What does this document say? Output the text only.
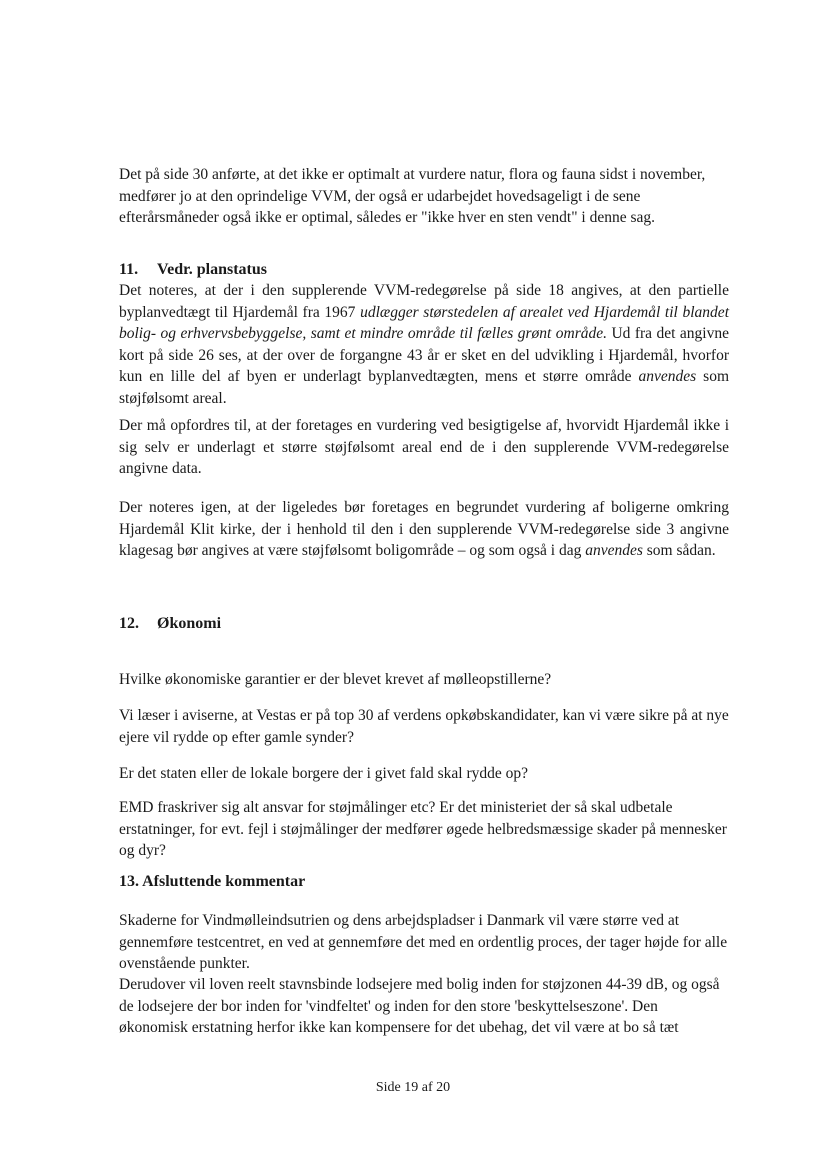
Det på side 30 anførte, at det ikke er optimalt at vurdere natur, flora og fauna sidst i november, medfører jo at den oprindelige VVM, der også er udarbejdet hovedsageligt i de sene efterårsmåneder også ikke er optimal, således er "ikke hver en sten vendt" i denne sag.

11. Vedr. planstatus

Det noteres, at der i den supplerende VVM-redegørelse på side 18 angives, at den partielle byplanvedtægt til Hjardemål fra 1967 udlægger størstedelen af arealet ved Hjardemål til blandet bolig- og erhvervsbebyggelse, samt et mindre område til fælles grønt område. Ud fra det angivne kort på side 26 ses, at der over de forgangne 43 år er sket en del udvikling i Hjardemål, hvorfor kun en lille del af byen er underlagt byplanvedtægten, mens et større område anvendes som støjfølsomt areal.

Der må opfordres til, at der foretages en vurdering ved besigtigelse af, hvorvidt Hjardemål ikke i sig selv er underlagt et større støjfølsomt areal end de i den supplerende VVM-redegørelse angivne data.

Der noteres igen, at der ligeledes bør foretages en begrundet vurdering af boligerne omkring Hjardemål Klit kirke, der i henhold til den i den supplerende VVM-redegørelse side 3 angivne klagesag bør angives at være støjfølsomt boligområde – og som også i dag anvendes som sådan.

12. Økonomi

Hvilke økonomiske garantier er der blevet krevet af mølleopstillerne?

Vi læser i aviserne, at Vestas er på top 30 af verdens opkøbskandidater, kan vi være sikre på at nye ejere vil rydde op efter gamle synder?

Er det staten eller de lokale borgere der i givet fald skal rydde op?

EMD fraskriver sig alt ansvar for støjmålinger etc? Er det ministeriet der så skal udbetale erstatninger, for evt. fejl i støjmålinger der medfører øgede helbredsmæssige skader på mennesker og dyr?

13. Afsluttende kommentar

Skaderne for Vindmølleindsutrien og dens arbejdspladser i Danmark vil være større ved at gennemføre testcentret, en ved at gennemføre det med en ordentlig proces, der tager højde for alle ovenstående punkter.

Derudover vil loven reelt stavnsbinde lodsejere med bolig inden for støjzonen 44-39 dB, og også de lodsejere der bor inden for 'vindfeltet' og inden for den store 'beskyttelseszone'. Den økonomisk erstatning herfor ikke kan kompensere for det ubehag, det vil være at bo så tæt

Side 19 af 20
